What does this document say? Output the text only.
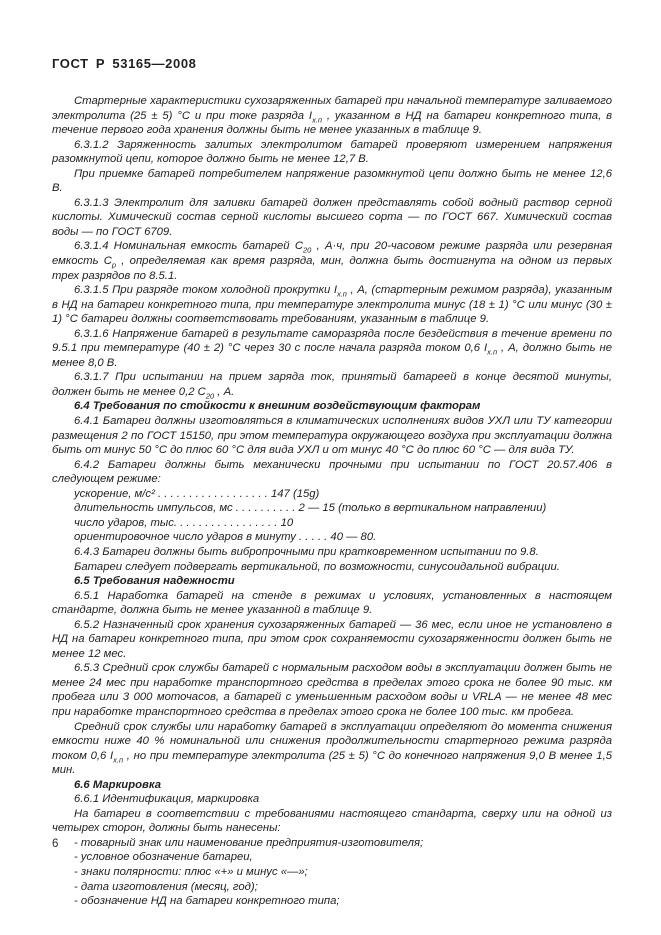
ГОСТ Р 53165—2008

Стартерные характеристики сухозаряженных батарей при начальной температуре заливаемого электролита (25 ± 5) °С и при токе разряда $I_{х.п}$ , указанном в НД на батареи конкретного типа, в течение первого года хранения должны быть не менее указанных в таблице 9.

6.3.1.2 Заряженность залитых электролитом батарей проверяют измерением напряжения разомкнутой цепи, которое должно быть не менее 12,7 В.

При приемке батарей потребителем напряжение разомкнутой цепи должно быть не менее 12,6 В.

6.3.1.3 Электролит для заливки батарей должен представлять собой водный раствор серной кислоты. Химический состав серной кислоты высшего сорта — по ГОСТ 667. Химический состав воды — по ГОСТ 6709.

6.3.1.4 Номинальная емкость батарей $С_{20}$ , А·ч, при 20-часовом режиме разряда или резервная емкость $С_р$ , определяемая как время разряда, мин, должна быть достигнута на одном из первых трех разрядов по 8.5.1.

6.3.1.5 При разряде током холодной прокрутки $I_{х.п}$ , А, (стартерным режимом разряда), указанным в НД на батареи конкретного типа, при температуре электролита минус (18 ± 1) °С или минус (30 ± 1) °С батареи должны соответствовать требованиям, указанным в таблице 9.

6.3.1.6 Напряжение батарей в результате саморазряда после бездействия в течение времени по 9.5.1 при температуре (40 ± 2) °С через 30 с после начала разряда током 0,6 $I_{х.п}$ , А, должно быть не менее 8,0 В.

6.3.1.7 При испытании на прием заряда ток, принятый батареей в конце десятой минуты, должен быть не менее 0,2 $С_{20}$ , А.

6.4 Требования по стойкости к внешним воздействующим факторам

6.4.1 Батареи должны изготовляться в климатических исполнениях видов УХЛ или ТУ категории размещения 2 по ГОСТ 15150, при этом температура окружающего воздуха при эксплуатации должна быть от минус 50 °С до плюс 60 °С для вида УХЛ и от минус 40 °С до плюс 60 °С — для вида ТУ.

6.4.2 Батареи должны быть механически прочными при испытании по ГОСТ 20.57.406 в следующем режиме:

ускорение, м/с² . . . . . . . . . . . . . . . . . . 147 (15g)

длительность импульсов, мс . . . . . . . . . . 2 — 15 (только в вертикальном направлении)

число ударов, тыс. . . . . . . . . . . . . . . . . 10

ориентировочное число ударов в минуту . . . . . 40 — 80.

6.4.3 Батареи должны быть вибропрочными при кратковременном испытании по 9.8.

Батареи следует подвергать вертикальной, по возможности, синусоидальной вибрации.

6.5 Требования надежности

6.5.1 Наработка батарей на стенде в режимах и условиях, установленных в настоящем стандарте, должна быть не менее указанной в таблице 9.

6.5.2 Назначенный срок хранения сухозаряженных батарей — 36 мес, если иное не установлено в НД на батареи конкретного типа, при этом срок сохраняемости сухозаряженности должен быть не менее 12 мес.

6.5.3 Средний срок службы батарей с нормальным расходом воды в эксплуатации должен быть не менее 24 мес при наработке транспортного средства в пределах этого срока не более 90 тыс. км пробега или 3 000 моточасов, а батарей с уменьшенным расходом воды и VRLA — не менее 48 мес при наработке транспортного средства в пределах этого срока не более 100 тыс. км пробега.

Средний срок службы или наработку батарей в эксплуатации определяют до момента снижения емкости ниже 40 % номинальной или снижения продолжительности стартерного режима разряда током 0,6 $I_{х.п}$ , но при температуре электролита (25 ± 5) °С до конечного напряжения 9,0 В менее 1,5 мин.

6.6 Маркировка

6.6.1 Идентификация, маркировка

На батареи в соответствии с требованиями настоящего стандарта, сверху или на одной из четырех сторон, должны быть нанесены:

- товарный знак или наименование предприятия-изготовителя;

- условное обозначение батареи,

- знаки полярности: плюс «+» и минус «—»;

- дата изготовления (месяц, год);

- обозначение НД на батареи конкретного типа;

6
